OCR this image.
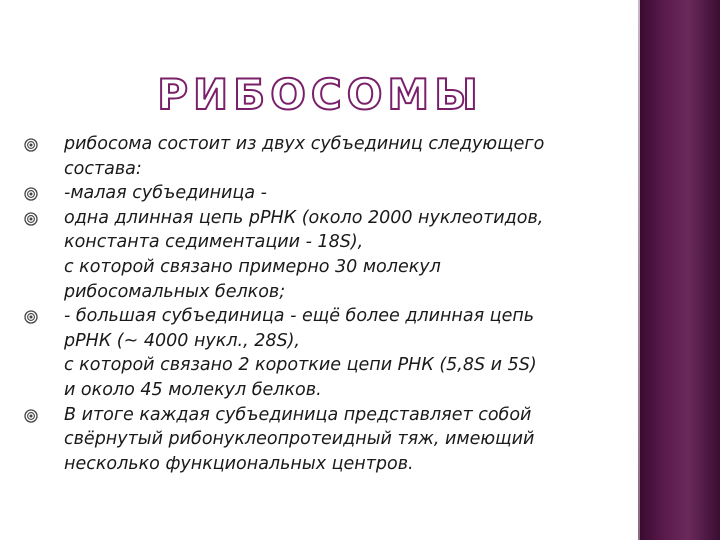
РИБОСОМЫ
рибосома состоит из двух субъединиц следующего
состава:
-малая субъединица -
одна длинная цепь рРНК (около 2000 нуклеотидов,
константа седиментации - 18S),
с которой связано примерно 30 молекул
рибосомальных белков;
- большая субъединица - ещё более длинная цепь
рРНК (~ 4000 нукл., 28S),
с которой связано 2 короткие цепи РНК (5,8S и 5S)
и около 45 молекул белков.
В итоге каждая субъединица представляет собой
свёрнутый рибонуклеопротеидный тяж, имеющий
несколько функциональных центров.
